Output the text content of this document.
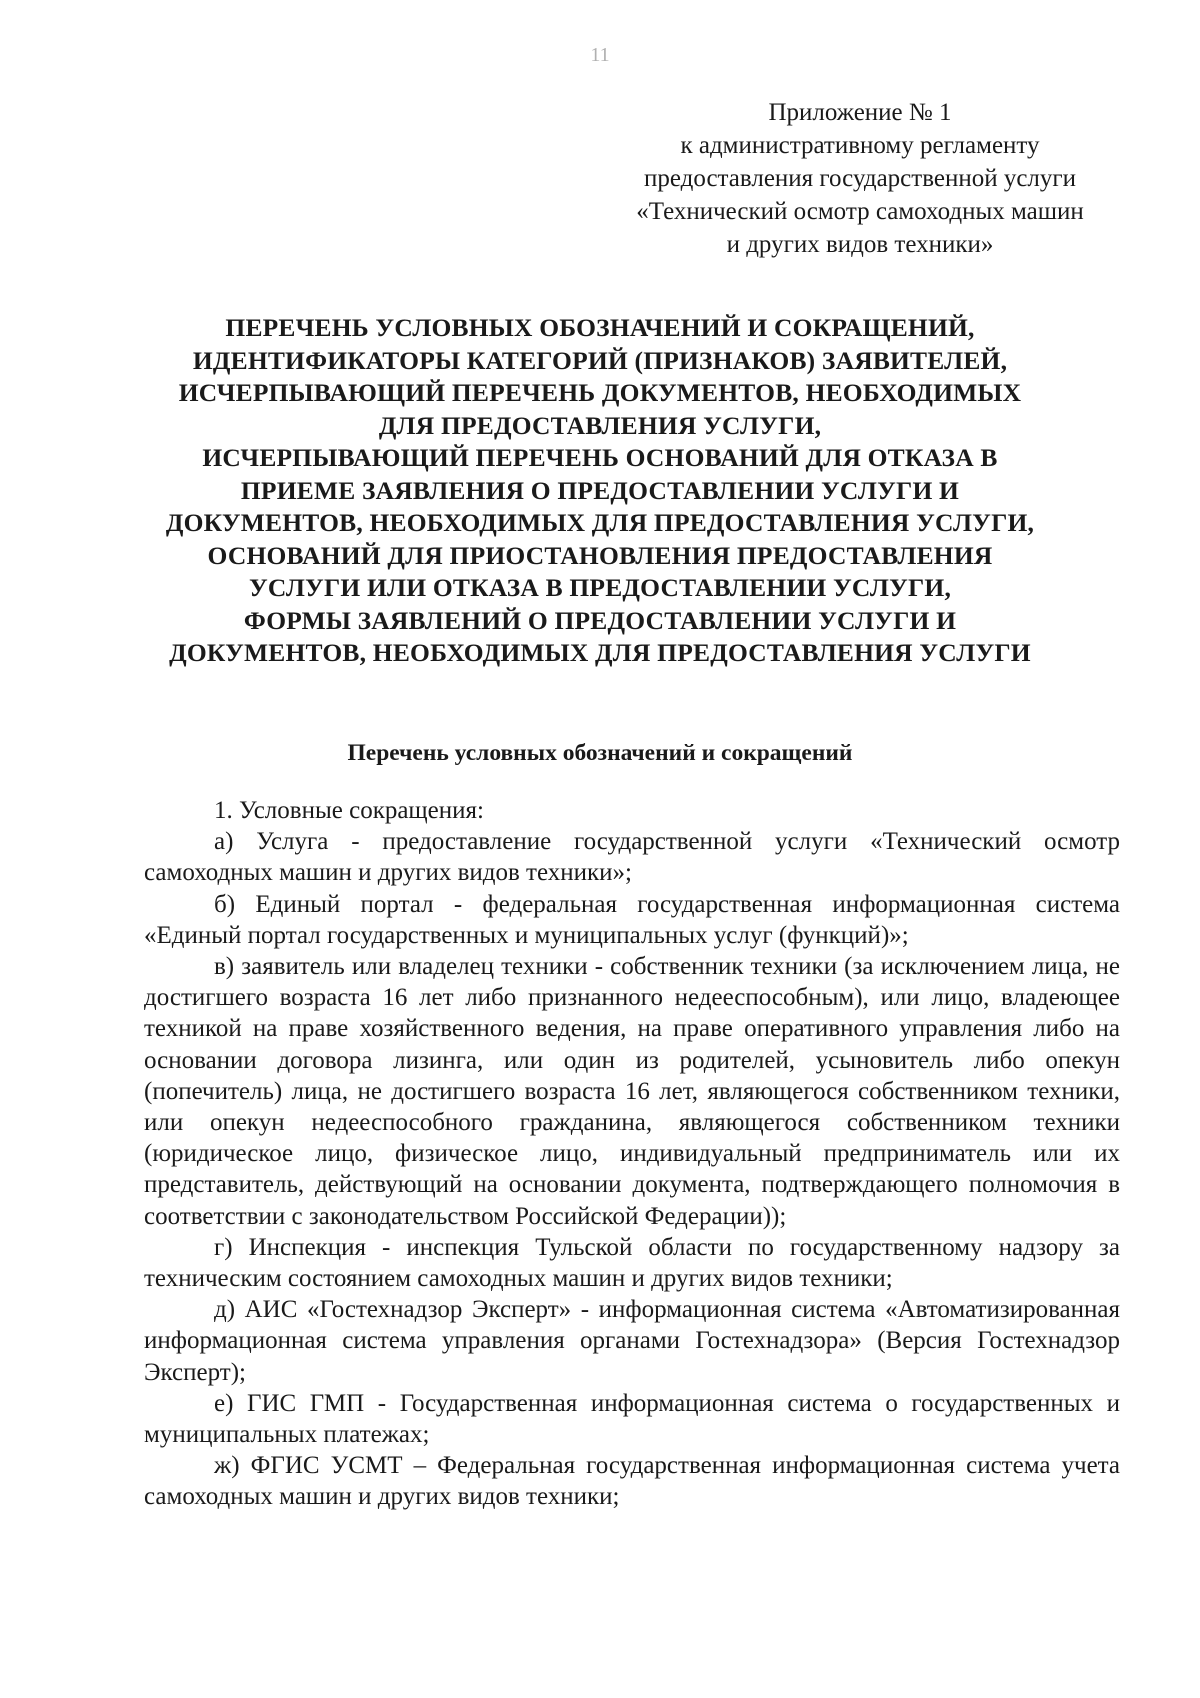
11
Приложение № 1
к административному регламенту
предоставления государственной услуги
«Технический осмотр самоходных машин
и других видов техники»
ПЕРЕЧЕНЬ УСЛОВНЫХ ОБОЗНАЧЕНИЙ И СОКРАЩЕНИЙ,
ИДЕНТИФИКАТОРЫ КАТЕГОРИЙ (ПРИЗНАКОВ) ЗАЯВИТЕЛЕЙ,
ИСЧЕРПЫВАЮЩИЙ ПЕРЕЧЕНЬ ДОКУМЕНТОВ, НЕОБХОДИМЫХ
ДЛЯ ПРЕДОСТАВЛЕНИЯ УСЛУГИ,
ИСЧЕРПЫВАЮЩИЙ ПЕРЕЧЕНЬ ОСНОВАНИЙ ДЛЯ ОТКАЗА В
ПРИЕМЕ ЗАЯВЛЕНИЯ О ПРЕДОСТАВЛЕНИИ УСЛУГИ И
ДОКУМЕНТОВ, НЕОБХОДИМЫХ ДЛЯ ПРЕДОСТАВЛЕНИЯ УСЛУГИ,
ОСНОВАНИЙ ДЛЯ ПРИОСТАНОВЛЕНИЯ ПРЕДОСТАВЛЕНИЯ
УСЛУГИ ИЛИ ОТКАЗА В ПРЕДОСТАВЛЕНИИ УСЛУГИ,
ФОРМЫ ЗАЯВЛЕНИЙ О ПРЕДОСТАВЛЕНИИ УСЛУГИ И
ДОКУМЕНТОВ, НЕОБХОДИМЫХ ДЛЯ ПРЕДОСТАВЛЕНИЯ УСЛУГИ
Перечень условных обозначений и сокращений
1. Условные сокращения:
а) Услуга - предоставление государственной услуги «Технический осмотр самоходных машин и других видов техники»;
б) Единый портал - федеральная государственная информационная система «Единый портал государственных и муниципальных услуг (функций)»;
в) заявитель или владелец техники - собственник техники (за исключением лица, не достигшего возраста 16 лет либо признанного недееспособным), или лицо, владеющее техникой на праве хозяйственного ведения, на праве оперативного управления либо на основании договора лизинга, или один из родителей, усыновитель либо опекун (попечитель) лица, не достигшего возраста 16 лет, являющегося собственником техники, или опекун недееспособного гражданина, являющегося собственником техники (юридическое лицо, физическое лицо, индивидуальный предприниматель или их представитель, действующий на основании документа, подтверждающего полномочия в соответствии с законодательством Российской Федерации));
г) Инспекция - инспекция Тульской области по государственному надзору за техническим состоянием самоходных машин и других видов техники;
д) АИС «Гостехнадзор Эксперт» - информационная система «Автоматизированная информационная система управления органами Гостехнадзора» (Версия Гостехнадзор Эксперт);
е) ГИС ГМП - Государственная информационная система о государственных и муниципальных платежах;
ж) ФГИС УСМТ – Федеральная государственная информационная система учета самоходных машин и других видов техники;
